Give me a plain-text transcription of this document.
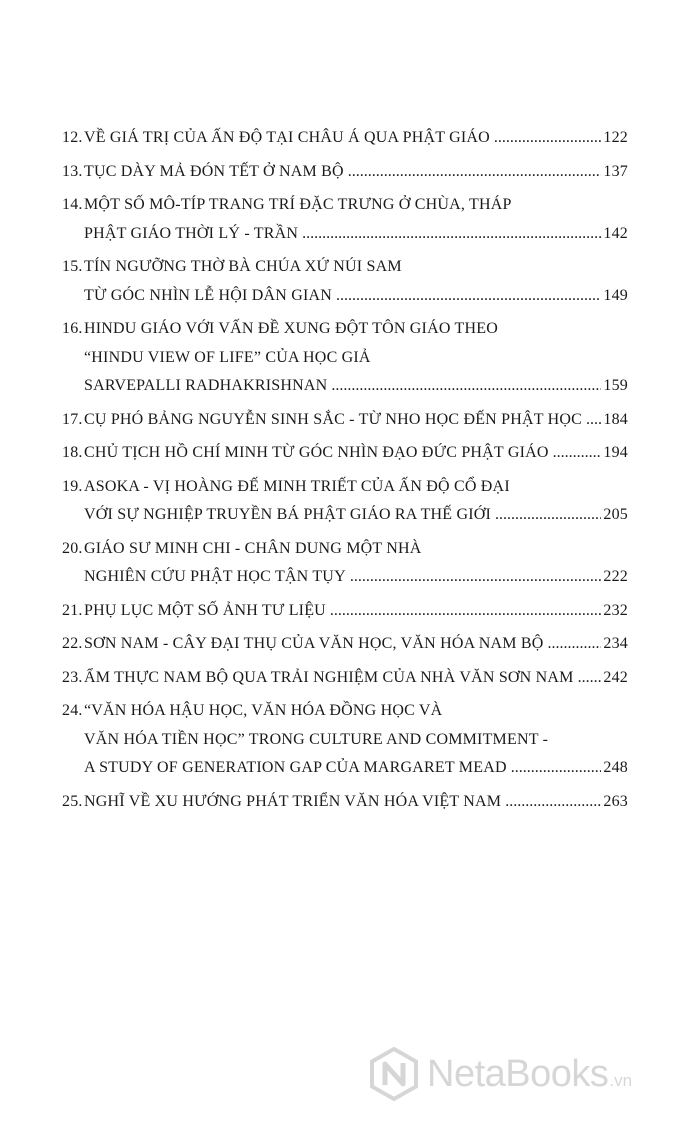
12. VỀ GIÁ TRỊ CỦA ẤN ĐỘ TẠI CHÂU Á QUA PHẬT GIÁO .....	122
13. TỤC DÀY MẢ ĐÓN TẾT Ở NAM BỘ .....	137
14. MỘT SỐ MÔ-TÍP TRANG TRÍ ĐẶC TRƯNG Ở CHÙA, THÁP
PHẬT GIÁO THỜI LÝ - TRẦN .....	142
15. TÍN NGƯỠNG THỜ BÀ CHÚA XỨ NÚI SAM
TỪ GÓC NHÌN LỄ HỘI DÂN GIAN .....	149
16. HINDU GIÁO VỚI VẤN ĐỀ XUNG ĐỘT TÔN GIÁO THEO
“HINDU VIEW OF LIFE” CỦA HỌC GIẢ
SARVEPALLI RADHAKRISHNAN .....	159
17. CỤ PHÓ BẢNG NGUYỄN SINH SẮC - TỪ NHO HỌC ĐẾN PHẬT HỌC ..... 184
18. CHỦ TỊCH HỒ CHÍ MINH TỪ GÓC NHÌN ĐẠO ĐỨC PHẬT GIÁO .....	194
19. ASOKA - VỊ HOÀNG ĐẾ MINH TRIẾT CỦA ẤN ĐỘ CỔ ĐẠI
VỚI SỰ NGHIỆP TRUYỀN BÁ PHẬT GIÁO RA THẾ GIỚI .....	205
20. GIÁO SƯ MINH CHI - CHÂN DUNG MỘT NHÀ
NGHIÊN CỨU PHẬT HỌC TẬN TỤY .....	222
21. PHỤ LỤC MỘT SỐ ẢNH TƯ LIỆU .....	232
22. SƠN NAM - CÂY ĐẠI THỤ CỦA VĂN HỌC, VĂN HÓA NAM BỘ .....	234
23. ẨM THỰC NAM BỘ QUA TRẢI NGHIỆM CỦA NHÀ VĂN SƠN NAM ..... 242
24. “VĂN HÓA HẬU HỌC, VĂN HÓA ĐỒNG HỌC VÀ
VĂN HÓA TIỀN HỌC” TRONG CULTURE AND COMMITMENT -
A STUDY OF GENERATION GAP CỦA MARGARET MEAD .....	248
25. NGHĨ VỀ XU HƯỚNG PHÁT TRIỂN VĂN HÓA VIỆT NAM .....	263
NetaBooks .vn
